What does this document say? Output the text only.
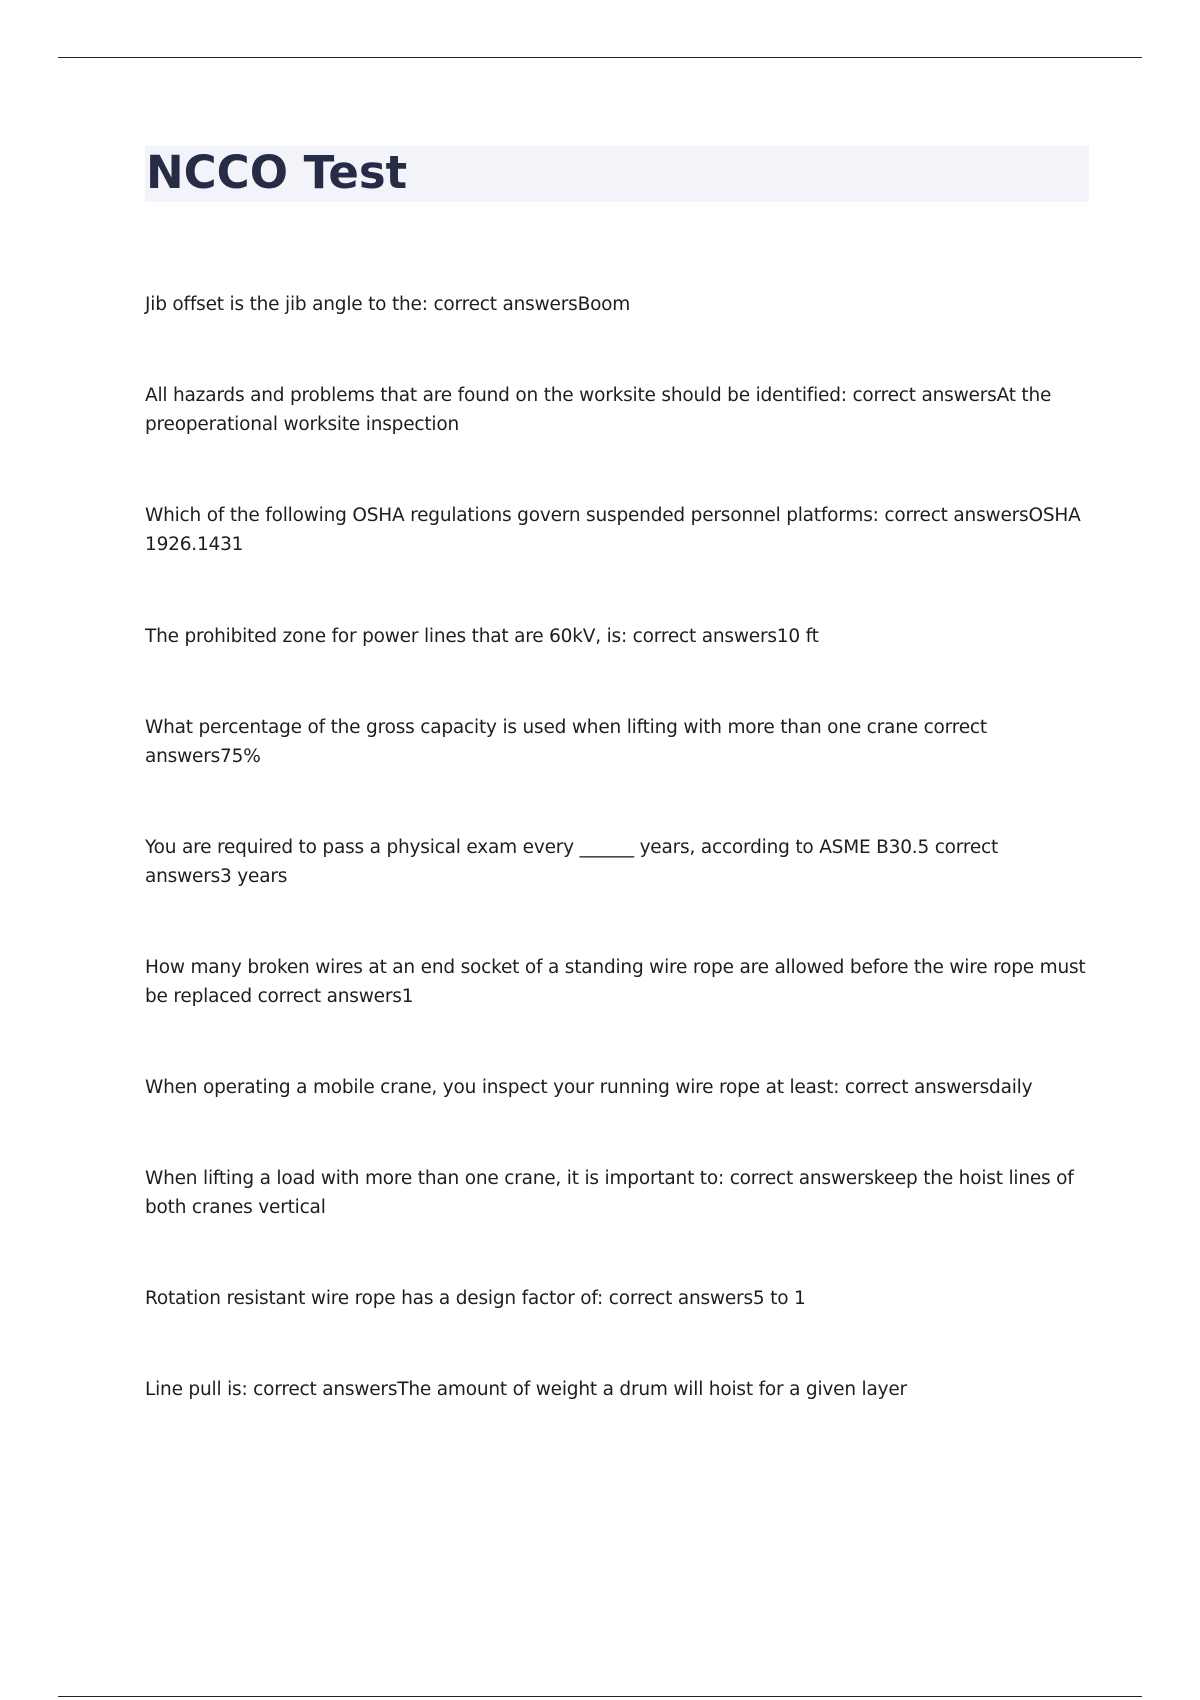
NCCO Test
Jib offset is the jib angle to the: correct answersBoom
All hazards and problems that are found on the worksite should be identified: correct answersAt the preoperational worksite inspection
Which of the following OSHA regulations govern suspended personnel platforms: correct answersOSHA 1926.1431
The prohibited zone for power lines that are 60kV, is: correct answers10 ft
What percentage of the gross capacity is used when lifting with more than one crane correct answers75%
You are required to pass a physical exam every ______ years, according to ASME B30.5 correct answers3 years
How many broken wires at an end socket of a standing wire rope are allowed before the wire rope must be replaced correct answers1
When operating a mobile crane, you inspect your running wire rope at least: correct answersdaily
When lifting a load with more than one crane, it is important to: correct answerskeep the hoist lines of both cranes vertical
Rotation resistant wire rope has a design factor of: correct answers5 to 1
Line pull is: correct answersThe amount of weight a drum will hoist for a given layer
